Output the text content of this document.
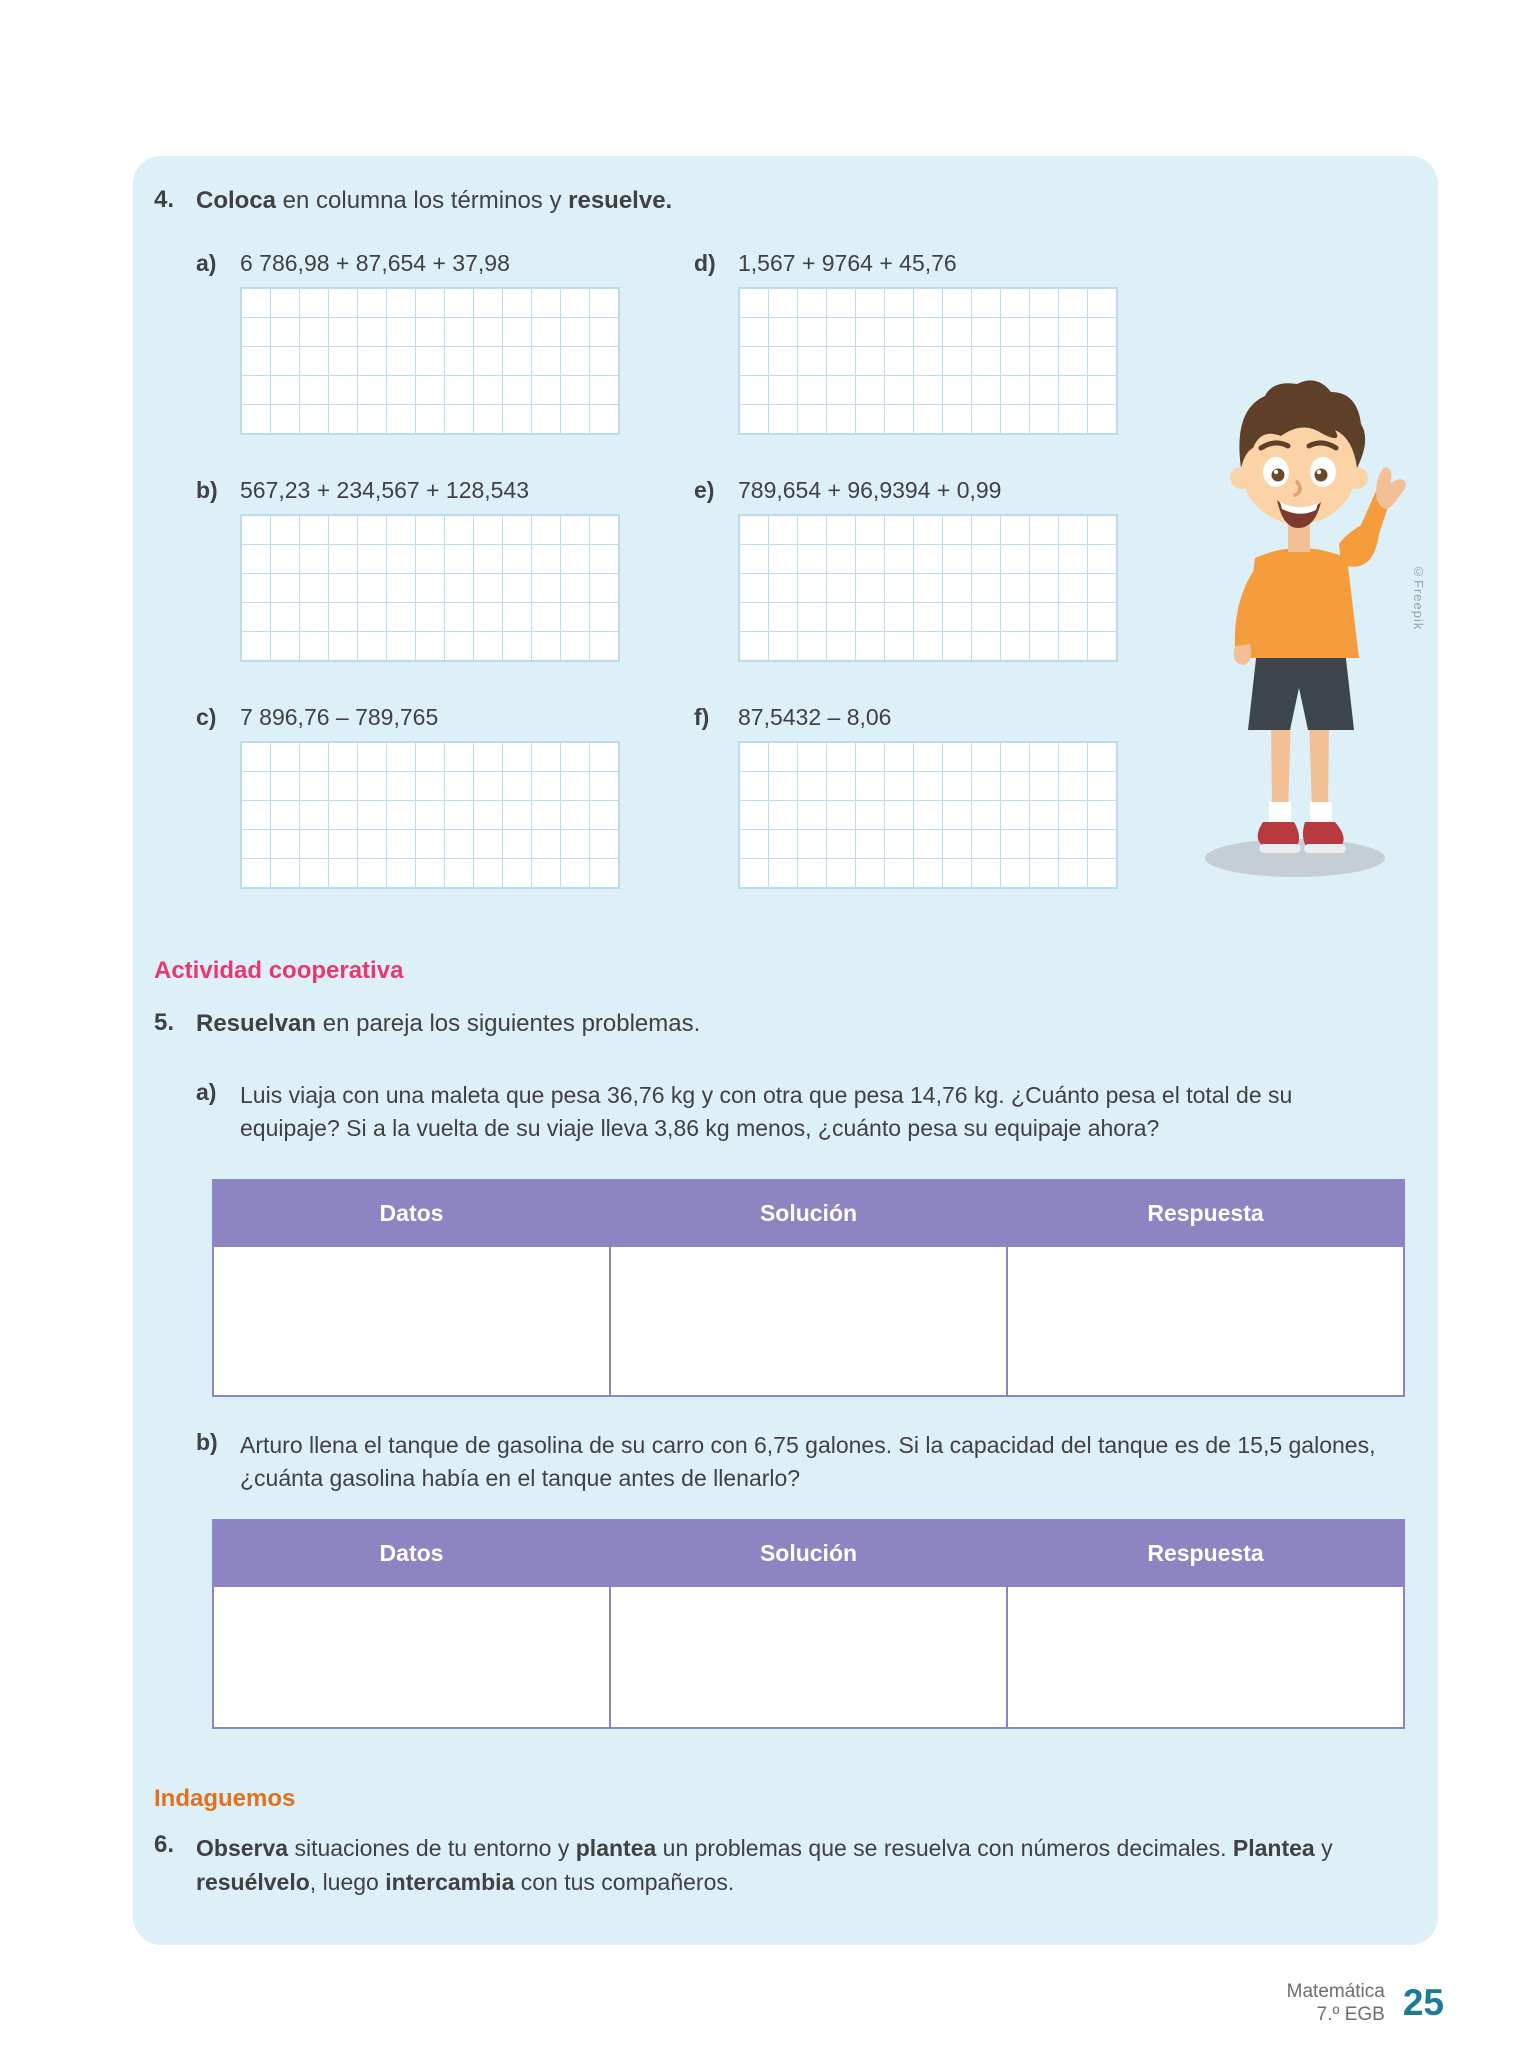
4. Coloca en columna los términos y resuelve.
a)	6 786,98 + 87,654 + 37,98	d) 1,567 + 9764 + 45,76
b) 567,23 + 234,567 + 128,543	e)	789,654 + 96,9394 + 0,99
c)	7 896,76 – 789,765	f)	87,5432 – 8,06
©Freepik
Actividad cooperativa
5. Resuelvan en pareja los siguientes problemas.
a)	Luis viaja con una maleta que pesa 36,76 kg y con otra que pesa 14,76 kg. ¿Cuánto pesa el total de su equipaje? Si a la vuelta de su viaje lleva 3,86 kg menos, ¿cuánto pesa su equipaje ahora?
Datos	Solución	Respuesta

b) Arturo llena el tanque de gasolina de su carro con 6,75 galones. Si la capacidad del tanque es de 15,5 galones, ¿cuánta gasolina había en el tanque antes de llenarlo?
Datos	Solución	Respuesta

Indaguemos
6. Observa situaciones de tu entorno y plantea un problemas que se resuelva con números decimales. Plantea y resuélvelo, luego intercambia con tus compañeros.
Matemática
7.º EGB 25
